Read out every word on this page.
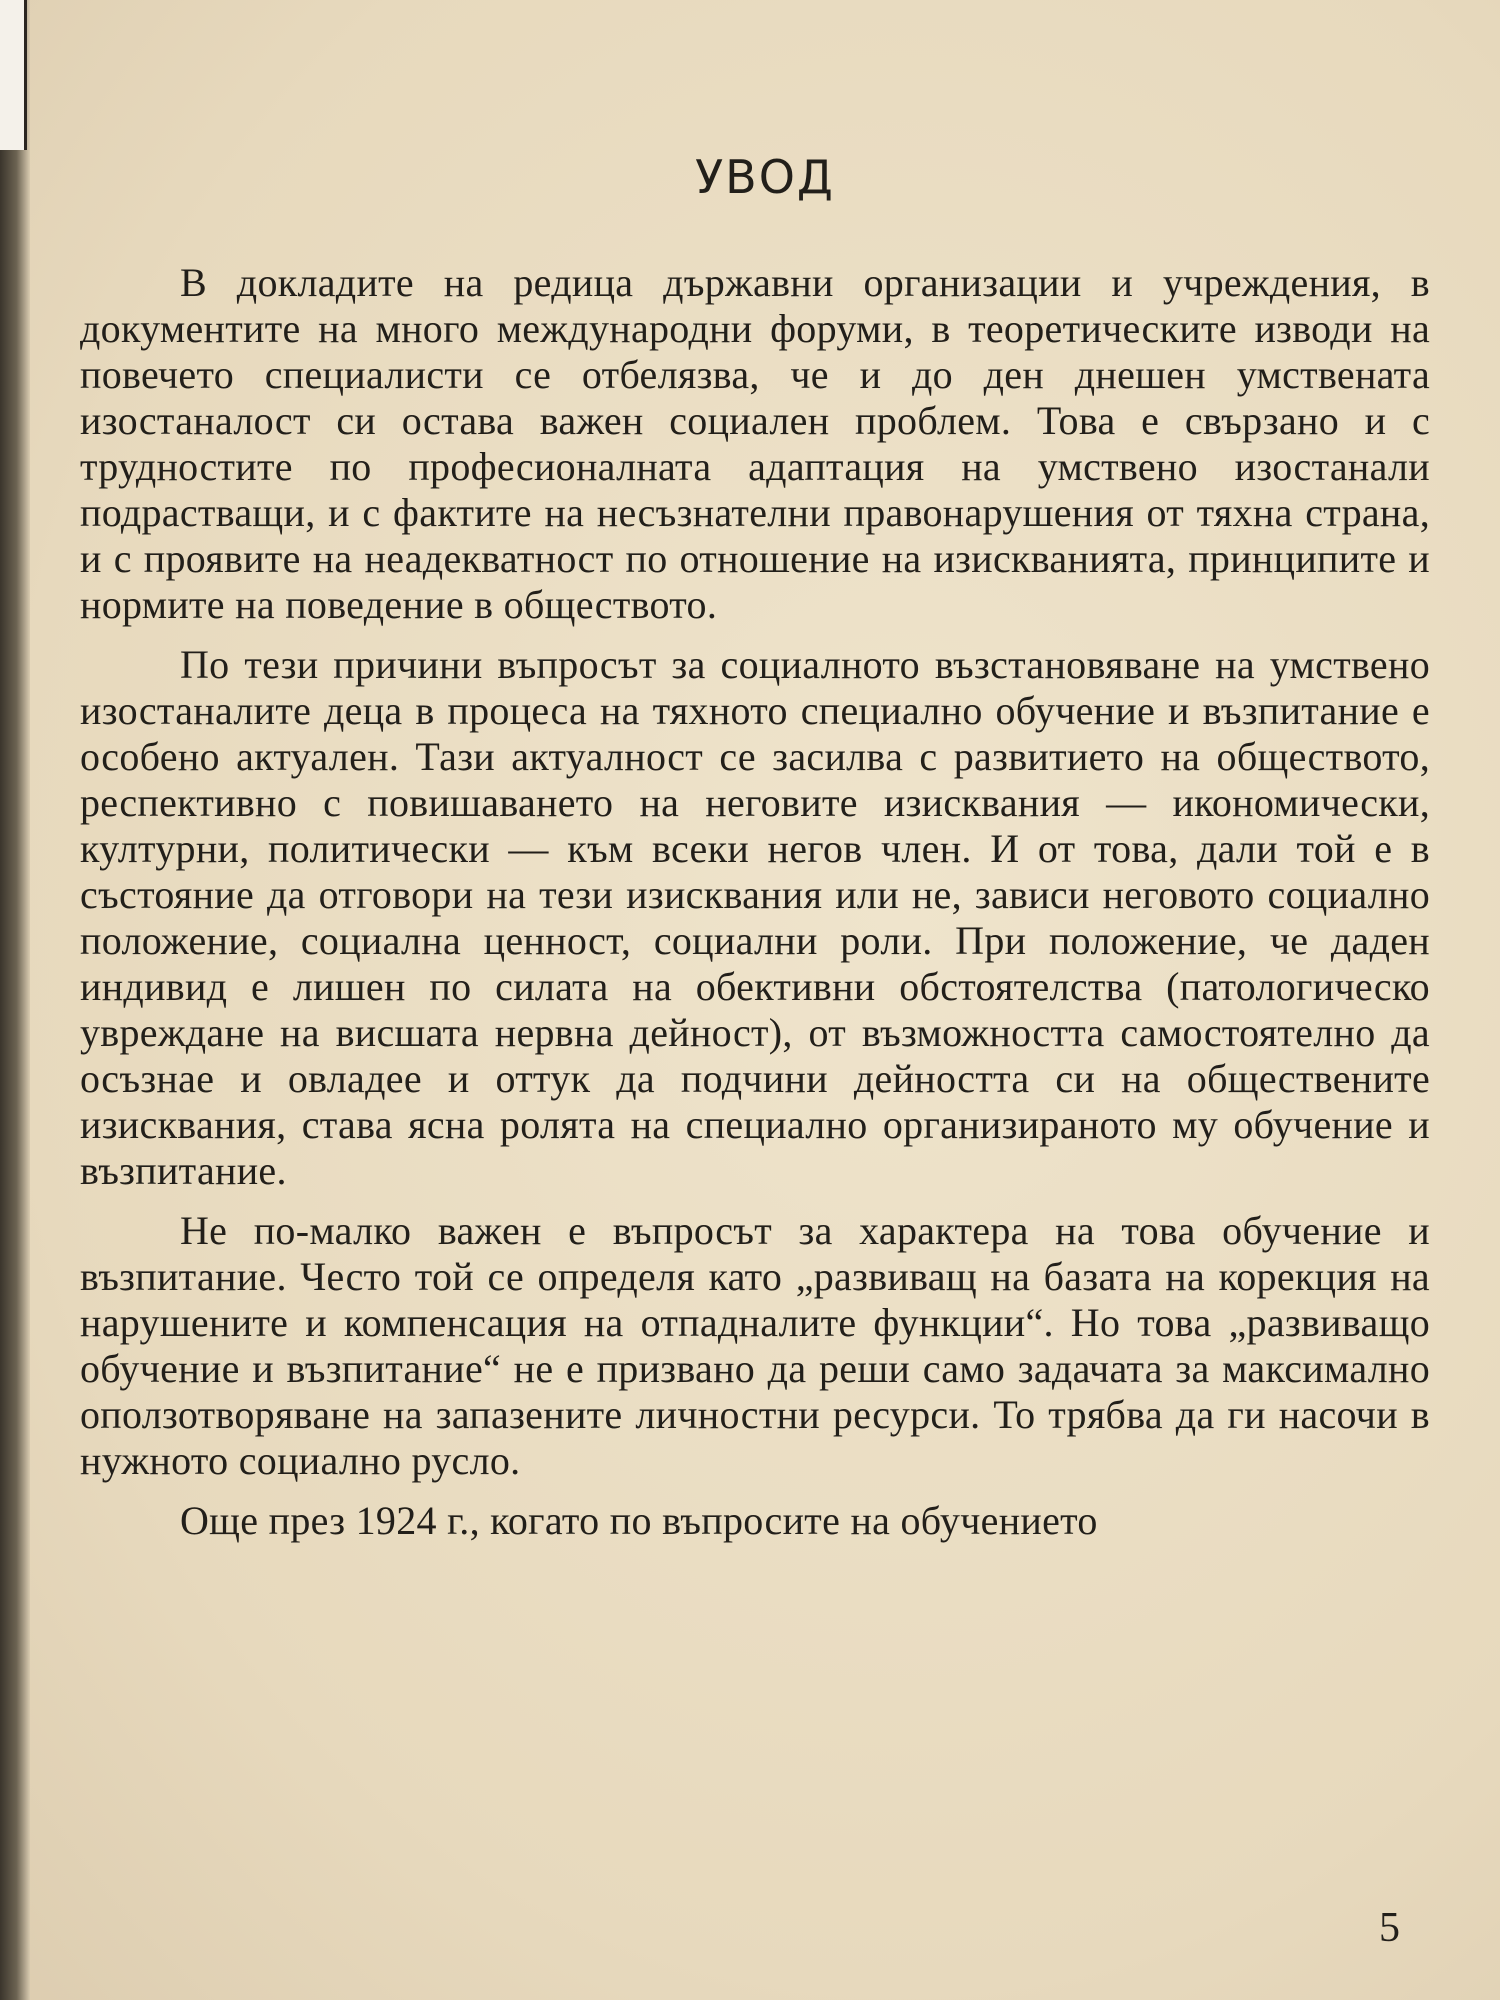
УВОД

В докладите на редица държавни организации и учреждения, в документите на много международни форуми, в теоретическите изводи на повечето специалисти се отбелязва, че и до ден днешен умствената изостаналост си остава важен социален проблем. Това е свързано и с трудностите по професионалната адаптация на умствено изостанали подрастващи, и с фактите на несъзнателни правонарушения от тяхна страна, и с проявите на неадекватност по отношение на изискванията, принципите и нормите на поведение в обществото.

По тези причини въпросът за социалното възстановяване на умствено изостаналите деца в процеса на тяхното специално обучение и възпитание е особено актуален. Тази актуалност се засилва с развитието на обществото, респективно с повишаването на неговите изисквания — икономически, културни, политически — към всеки негов член. И от това, дали той е в състояние да отговори на тези изисквания или не, зависи неговото социално положение, социална ценност, социални роли. При положение, че даден индивид е лишен по силата на обективни обстоятелства (патологическо увреждане на висшата нервна дейност), от възможността самостоятелно да осъзнае и овладее и оттук да подчини дейността си на обществените изисквания, става ясна ролята на специално организираното му обучение и възпитание.

Не по-малко важен е въпросът за характера на това обучение и възпитание. Често той се определя като „развиващ на базата на корекция на нарушените и компенсация на отпадналите функции“. Но това „развиващо обучение и възпитание“ не е призвано да реши само задачата за максимално оползотворяване на запазените личностни ресурси. То трябва да ги насочи в нужното социално русло.

Още през 1924 г., когато по въпросите на обучението

5
